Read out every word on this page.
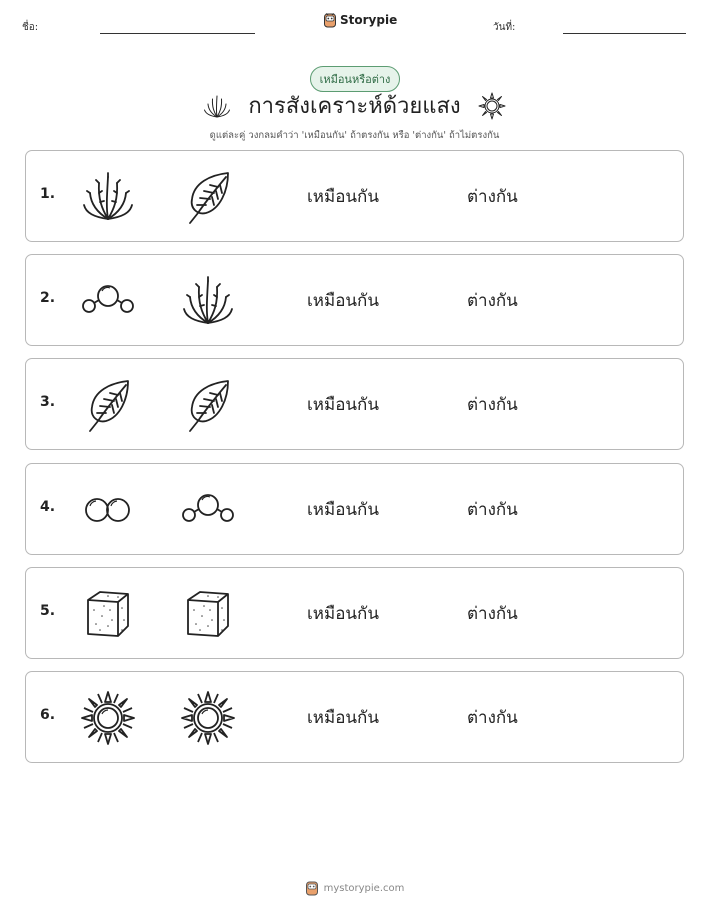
ชื่อ:
Storypie
วันที่:
เหมือนหรือต่าง
การสังเคราะห์ด้วยแสง
ดูแต่ละคู่ วงกลมคำว่า 'เหมือนกัน' ถ้าตรงกัน หรือ 'ต่างกัน' ถ้าไม่ตรงกัน
1.	เหมือนกัน	ต่างกัน
2.	เหมือนกัน	ต่างกัน
3.	เหมือนกัน	ต่างกัน
4.	เหมือนกัน	ต่างกัน
5.	เหมือนกัน	ต่างกัน
6.	เหมือนกัน	ต่างกัน
mystorypie.com
